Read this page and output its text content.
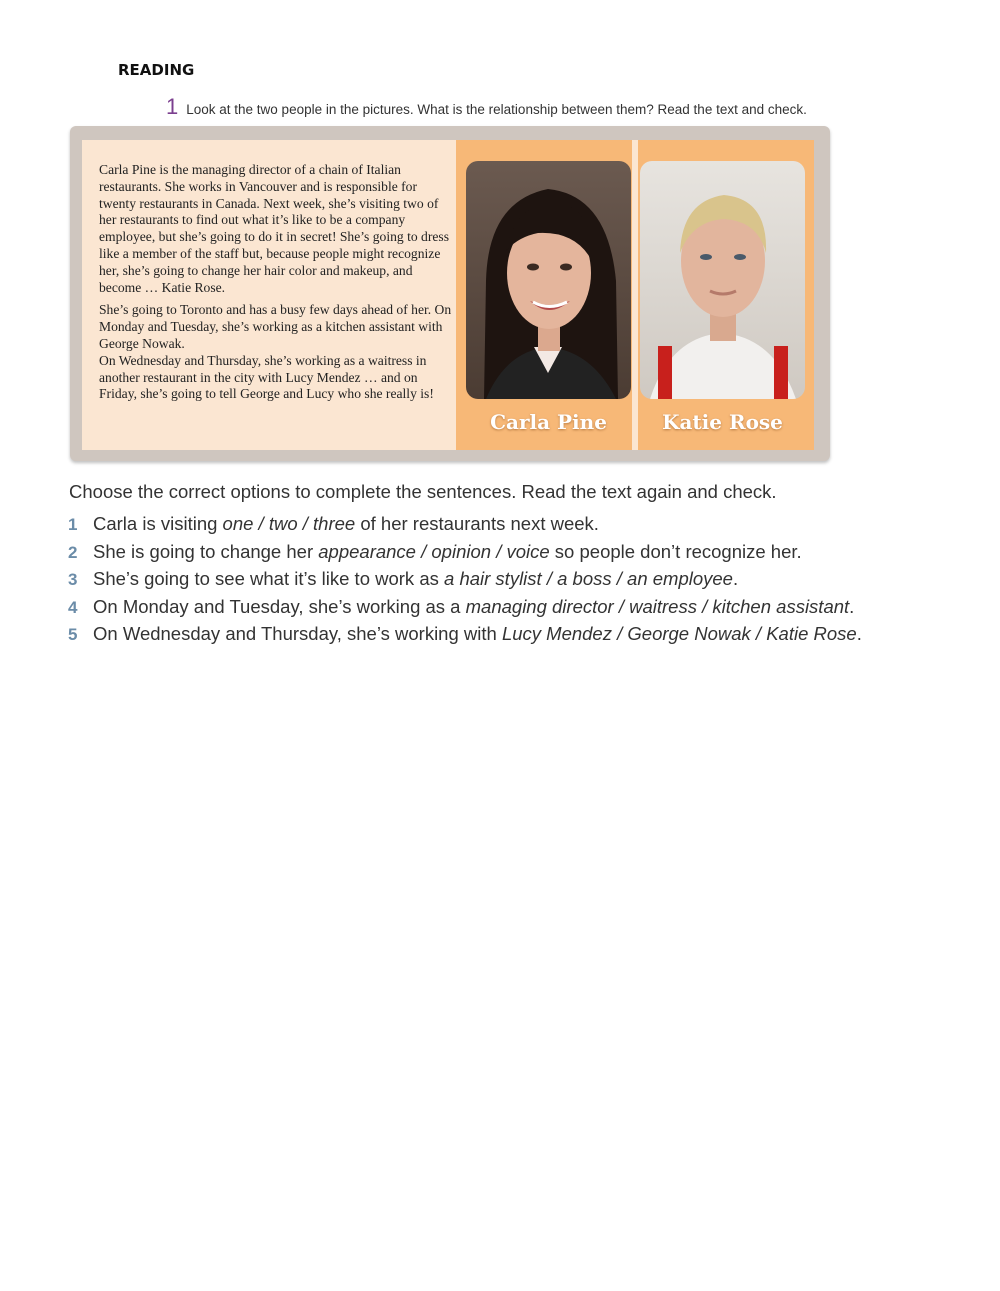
READING
1 Look at the two people in the pictures. What is the relationship between them? Read the text and check.

Carla Pine is the managing director of a chain of Italian restaurants. She works in Vancouver and is responsible for twenty restaurants in Canada. Next week, she’s visiting two of her restaurants to find out what it’s like to be a company employee, but she’s going to do it in secret! She’s going to dress like a member of the staff but, because people might recognize her, she’s going to change her hair color and makeup, and become … Katie Rose.

She’s going to Toronto and has a busy few days ahead of her. On Monday and Tuesday, she’s working as a kitchen assistant with George Nowak.

On Wednesday and Thursday, she’s working as a waitress in another restaurant in the city with Lucy Mendez … and on Friday, she’s going to tell George and Lucy who she really is!

Carla Pine	Katie Rose
Choose the correct options to complete the sentences. Read the text again and check.
1 Carla is visiting one / two / three of her restaurants next week.
2 She is going to change her appearance / opinion / voice so people don’t recognize her.
3 She’s going to see what it’s like to work as a hair stylist / a boss / an employee.
4 On Monday and Tuesday, she’s working as a managing director / waitress / kitchen assistant.
5 On Wednesday and Thursday, she’s working with Lucy Mendez / George Nowak / Katie Rose.
